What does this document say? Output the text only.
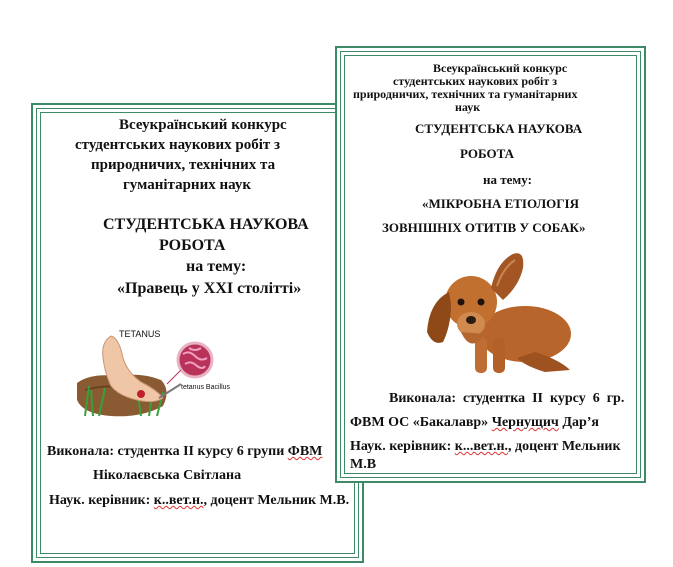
Всеукраїнський конкурс
студентських наукових робіт з
природничих, технічних та
гуманітарних наук
СТУДЕНТСЬКА НАУКОВА
РОБОТА
на тему:
«Правець у ХХІ столітті»
TETANUS
tetanus Bacillus
Виконала: студентка ІІ курсу 6 групи ФВМ
Ніколаєвська Світлана
Наук. керівник: к..вет.н., доцент Мельник М.В.
Всеукраїнський конкурс
студентських наукових робіт з
природничих, технічних та гуманітарних
наук
СТУДЕНТСЬКА НАУКОВА
РОБОТА
на тему:
«МІКРОБНА ЕТІОЛОГІЯ
ЗОВНІШНІХ ОТИТІВ У СОБАК»
Виконала:  студентка  ІІ  курсу  6  гр.
ФВМ ОС «Бакалавр» Чернущич Дар’я
Наук. керівник: к...вет.н., доцент Мельник
М.В
